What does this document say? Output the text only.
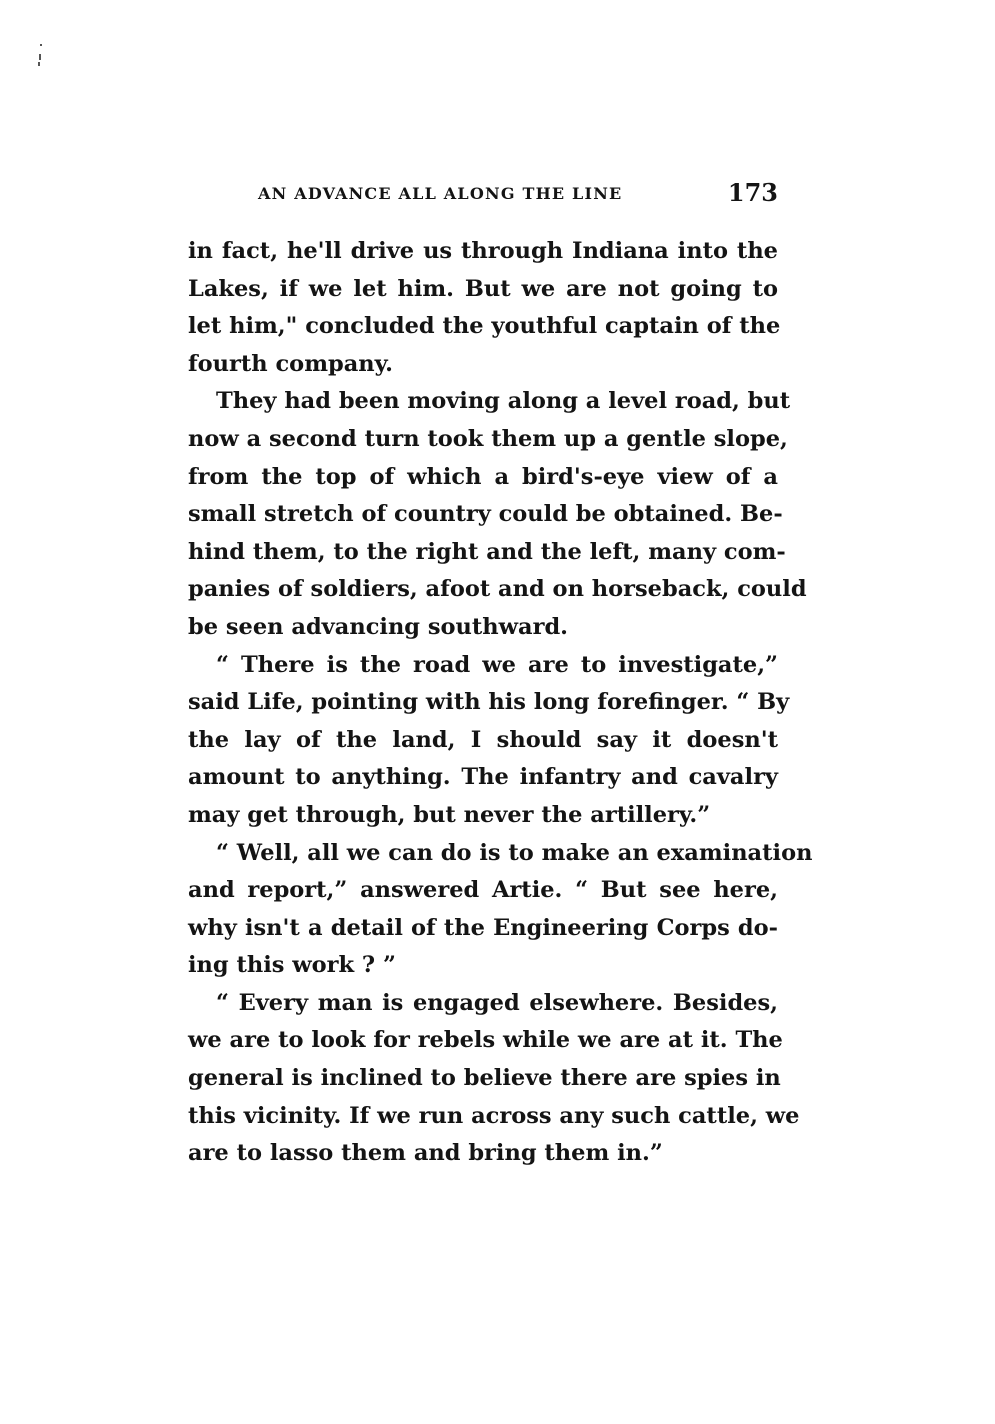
AN ADVANCE ALL ALONG THE LINE	173
in fact, he'll drive us through Indiana into the
Lakes, if we let him. But we are not going to
let him," concluded the youthful captain of the
fourth company.
They had been moving along a level road, but
now a second turn took them up a gentle slope,
from the top of which a bird's-eye view of a
small stretch of country could be obtained. Be-
hind them, to the right and the left, many com-
panies of soldiers, afoot and on horseback, could
be seen advancing southward.
“ There is the road we are to investigate,”
said Life, pointing with his long forefinger. “ By
the lay of the land, I should say it doesn't
amount to anything. The infantry and cavalry
may get through, but never the artillery.”
“ Well, all we can do is to make an examination
and report,” answered Artie. “ But see here,
why isn't a detail of the Engineering Corps do-
ing this work ? ”
“ Every man is engaged elsewhere. Besides,
we are to look for rebels while we are at it. The
general is inclined to believe there are spies in
this vicinity. If we run across any such cattle, we
are to lasso them and bring them in.”
